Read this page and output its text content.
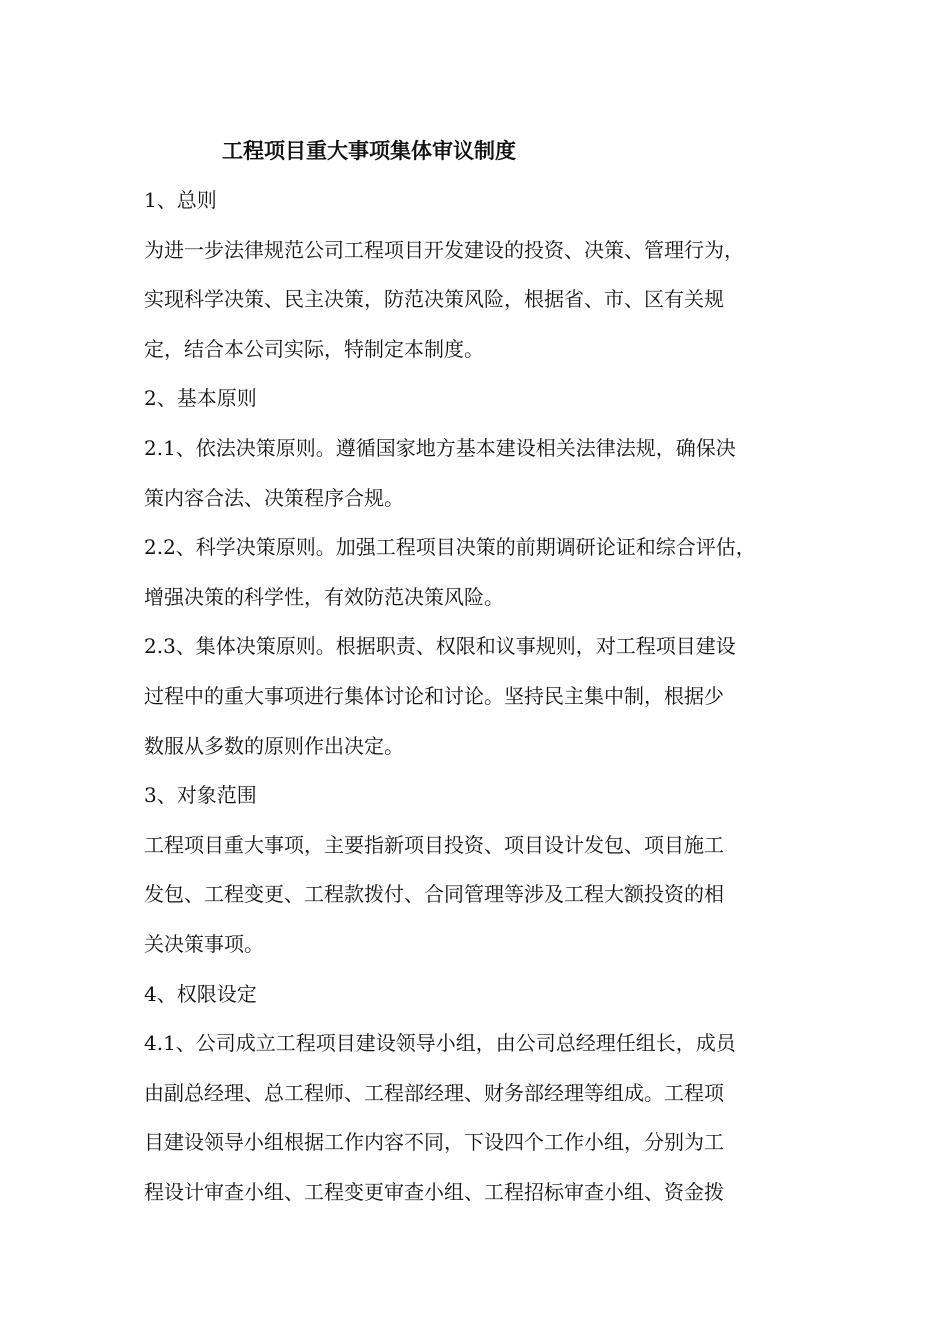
工程项目重大事项集体审议制度
1、总则
为进一步法律规范公司工程项目开发建设的投资、决策、管理行为，
实现科学决策、民主决策，防范决策风险，根据省、市、区有关规
定，结合本公司实际，特制定本制度。
2、基本原则
2.1、依法决策原则。遵循国家地方基本建设相关法律法规，确保决
策内容合法、决策程序合规。
2.2、科学决策原则。加强工程项目决策的前期调研论证和综合评估，
增强决策的科学性，有效防范决策风险。
2.3、集体决策原则。根据职责、权限和议事规则，对工程项目建设
过程中的重大事项进行集体讨论和讨论。坚持民主集中制，根据少
数服从多数的原则作出决定。
3、对象范围
工程项目重大事项，主要指新项目投资、项目设计发包、项目施工
发包、工程变更、工程款拨付、合同管理等涉及工程大额投资的相
关决策事项。
4、权限设定
4.1、公司成立工程项目建设领导小组，由公司总经理任组长，成员
由副总经理、总工程师、工程部经理、财务部经理等组成。工程项
目建设领导小组根据工作内容不同，下设四个工作小组，分别为工
程设计审查小组、工程变更审查小组、工程招标审查小组、资金拨
